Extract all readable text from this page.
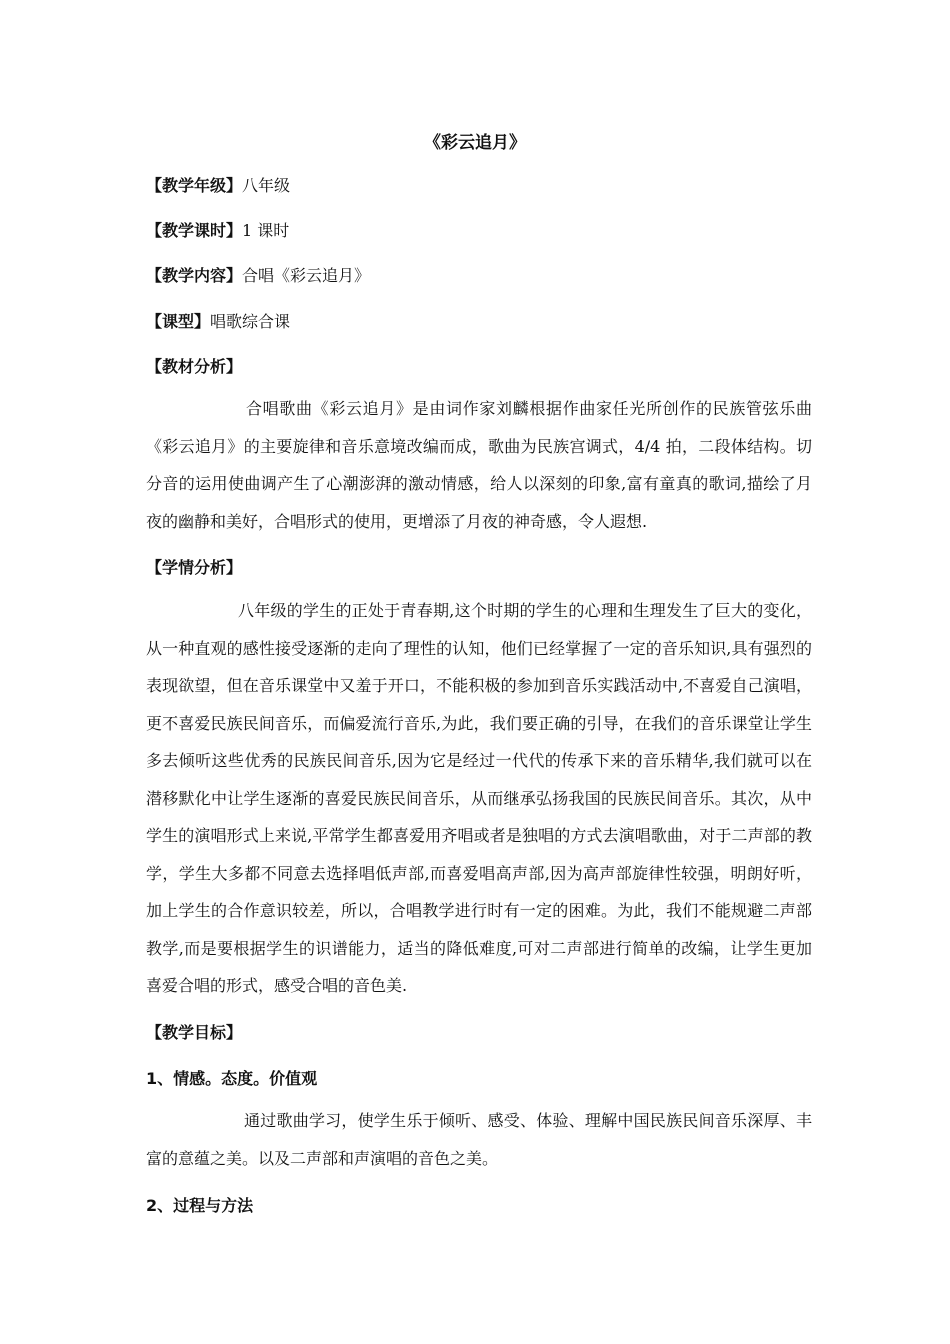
《彩云追月》
【教学年级】八年级
【教学课时】1 课时
【教学内容】合唱《彩云追月》
【课型】唱歌综合课
【教材分析】

合唱歌曲《彩云追月》是由词作家刘麟根据作曲家任光所创作的民族管弦乐曲《彩云追月》的主要旋律和音乐意境改编而成，歌曲为民族宫调式，4/4 拍，二段体结构。切分音的运用使曲调产生了心潮澎湃的激动情感，给人以深刻的印象,富有童真的歌词,描绘了月夜的幽静和美好，合唱形式的使用，更增添了月夜的神奇感，令人遐想.

【学情分析】

八年级的学生的正处于青春期,这个时期的学生的心理和生理发生了巨大的变化，从一种直观的感性接受逐渐的走向了理性的认知，他们已经掌握了一定的音乐知识,具有强烈的表现欲望，但在音乐课堂中又羞于开口，不能积极的参加到音乐实践活动中,不喜爱自己演唱，更不喜爱民族民间音乐，而偏爱流行音乐,为此，我们要正确的引导，在我们的音乐课堂让学生多去倾听这些优秀的民族民间音乐,因为它是经过一代代的传承下来的音乐精华,我们就可以在潜移默化中让学生逐渐的喜爱民族民间音乐，从而继承弘扬我国的民族民间音乐。其次，从中学生的演唱形式上来说,平常学生都喜爱用齐唱或者是独唱的方式去演唱歌曲，对于二声部的教学，学生大多都不同意去选择唱低声部,而喜爱唱高声部,因为高声部旋律性较强，明朗好听，加上学生的合作意识较差，所以，合唱教学进行时有一定的困难。为此，我们不能规避二声部教学,而是要根据学生的识谱能力，适当的降低难度,可对二声部进行简单的改编，让学生更加喜爱合唱的形式，感受合唱的音色美.

【教学目标】
1、情感。态度。价值观

通过歌曲学习，使学生乐于倾听、感受、体验、理解中国民族民间音乐深厚、丰富的意蕴之美。以及二声部和声演唱的音色之美。

2、过程与方法
